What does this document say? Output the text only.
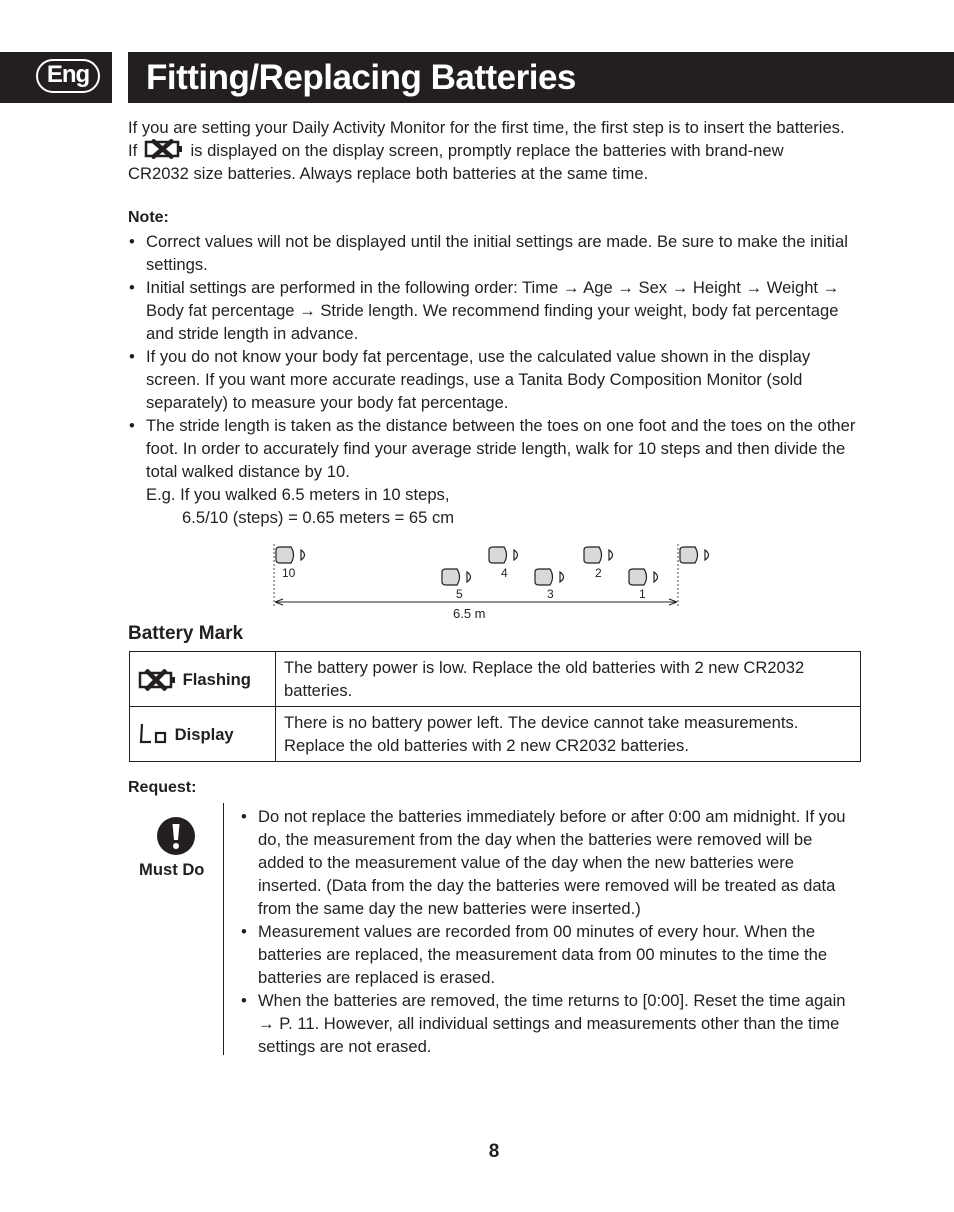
Eng	Fitting/Replacing Batteries
If you are setting your Daily Activity Monitor for the first time, the first step is to insert the batteries. If	is displayed on the display screen, promptly replace the batteries with brand-new CR2032 size batteries. Always replace both batteries at the same time.
Note:
• Correct values will not be displayed until the initial settings are made. Be sure to make the initial settings.
• Initial settings are performed in the following order: Time → Age → Sex → Height → Weight → Body fat percentage → Stride length. We recommend finding your weight, body fat percentage and stride length in advance.
• If you do not know your body fat percentage, use the calculated value shown in the display screen. If you want more accurate readings, use a Tanita Body Composition Monitor (sold separately) to measure your body fat percentage.
• The stride length is taken as the distance between the toes on one foot and the toes on the other foot. In order to accurately find your average stride length, walk for 10 steps and then divide the total walked distance by 10.
E.g. If you walked 6.5 meters in 10 steps,
6.5/10 (steps) = 0.65 meters = 65 cm
10
5
4
3
2
1
6.5 m
Battery Mark
Flashing	The battery power is low. Replace the old batteries with 2 new CR2032 batteries.
Display	There is no battery power left. The device cannot take measurements. Replace the old batteries with 2 new CR2032 batteries.
Request:
Must Do
• Do not replace the batteries immediately before or after 0:00 am midnight. If you do, the measurement from the day when the batteries were removed will be added to the measurement value of the day when the new batteries were inserted. (Data from the day the batteries were removed will be treated as data from the same day the new batteries were inserted.)
• Measurement values are recorded from 00 minutes of every hour. When the batteries are replaced, the measurement data from 00 minutes to the time the batteries are replaced is erased.
• When the batteries are removed, the time returns to [0:00]. Reset the time again → P. 11. However, all individual settings and measurements other than the time settings are not erased.
8
